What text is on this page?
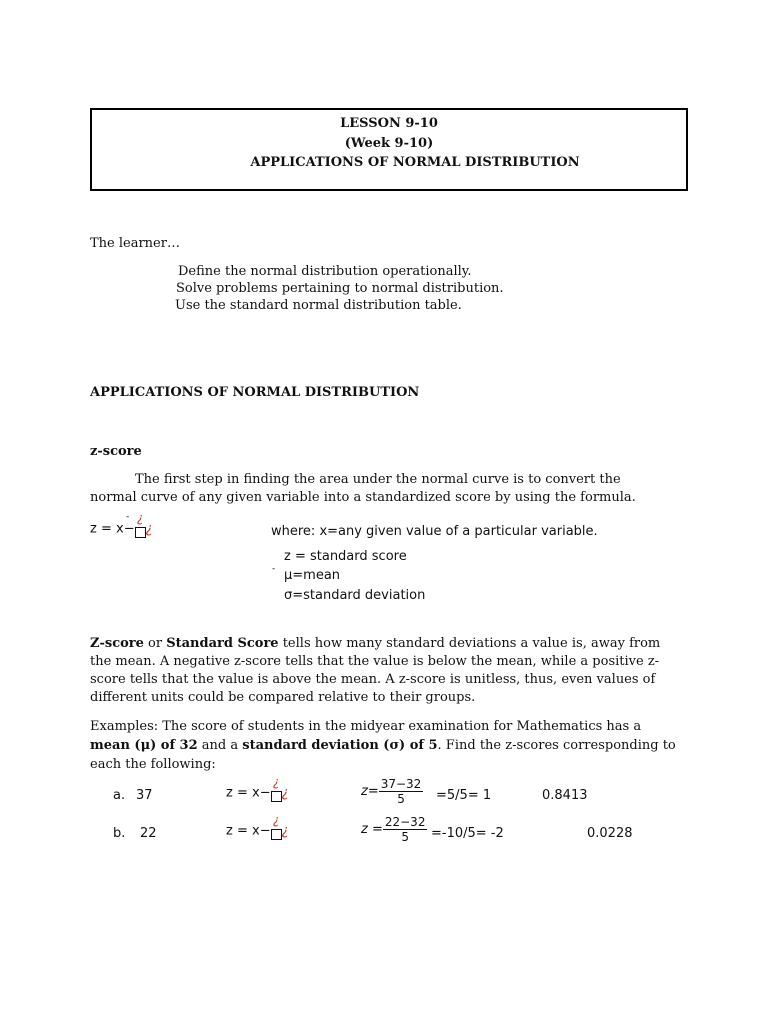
LESSON 9-10
(Week 9-10)
APPLICATIONS OF NORMAL DISTRIBUTION
The learner…
Define the normal distribution operationally.
Solve problems pertaining to normal distribution.
Use the standard normal distribution table.
APPLICATIONS OF NORMAL DISTRIBUTION
z-score
The first step in finding the area under the normal curve is to convert the
normal curve of any given variable into a standardized score by using the formula.
z = x−
¿
¿
-
where: x=any given value of a particular variable.
z = standard score
- μ=mean
σ=standard deviation
Z-score or Standard Score tells how many standard deviations a value is, away from
the mean. A negative z-score tells that the value is below the mean, while a positive z-
score tells that the value is above the mean. A z-score is unitless, thus, even values of
different units could be compared relative to their groups.
Examples: The score of students in the midyear examination for Mathematics has a
mean (μ) of 32 and a standard deviation (σ) of 5. Find the z-scores corresponding to
each the following:
a. 37	z = x−
¿
¿	$z= \frac{37-32}{5} =5/5= 1$	0.8413
b. 22	z = x−
¿
¿	$z = \frac{22-32}{5} =-10/5= -2$	0.0228
